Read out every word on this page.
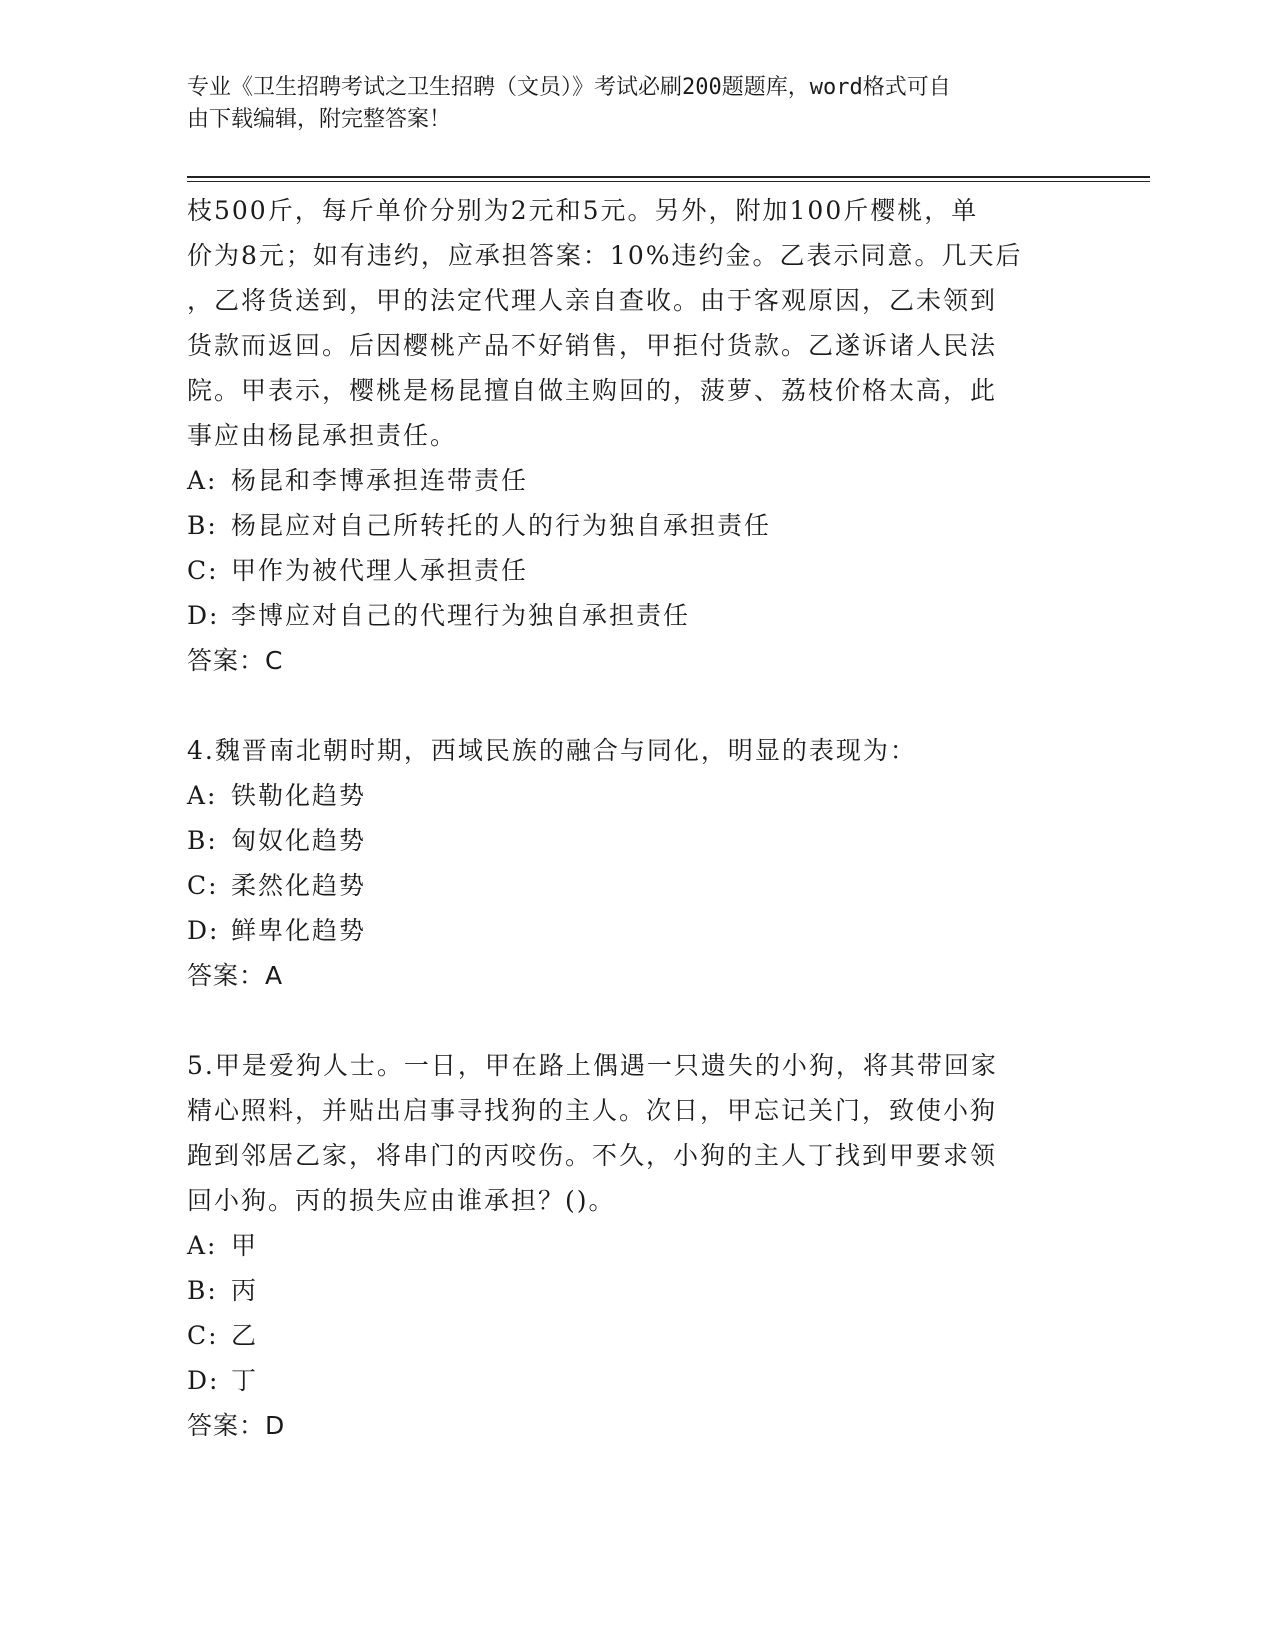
专业《卫生招聘考试之卫生招聘（文员）》考试必刷200题题库，word格式可自
由下载编辑，附完整答案！

枝500斤，每斤单价分别为2元和5元。另外，附加100斤樱桃，单

价为8元；如有违约，应承担答案：10%违约金。乙表示同意。几天后

，乙将货送到，甲的法定代理人亲自查收。由于客观原因，乙未领到

货款而返回。后因樱桃产品不好销售，甲拒付货款。乙遂诉诸人民法

院。甲表示，樱桃是杨昆擅自做主购回的，菠萝、荔枝价格太高，此

事应由杨昆承担责任。

A: 杨昆和李博承担连带责任
B: 杨昆应对自己所转托的人的行为独自承担责任
C: 甲作为被代理人承担责任
D: 李博应对自己的代理行为独自承担责任

答案：C

4.魏晋南北朝时期，西域民族的融合与同化，明显的表现为：

A: 铁勒化趋势
B: 匈奴化趋势
C: 柔然化趋势
D: 鲜卑化趋势

答案：A

5.甲是爱狗人士。一日，甲在路上偶遇一只遗失的小狗，将其带回家

精心照料，并贴出启事寻找狗的主人。次日，甲忘记关门，致使小狗

跑到邻居乙家，将串门的丙咬伤。不久，小狗的主人丁找到甲要求领

回小狗。丙的损失应由谁承担？()。

A: 甲
B: 丙
C: 乙
D: 丁

答案：D
